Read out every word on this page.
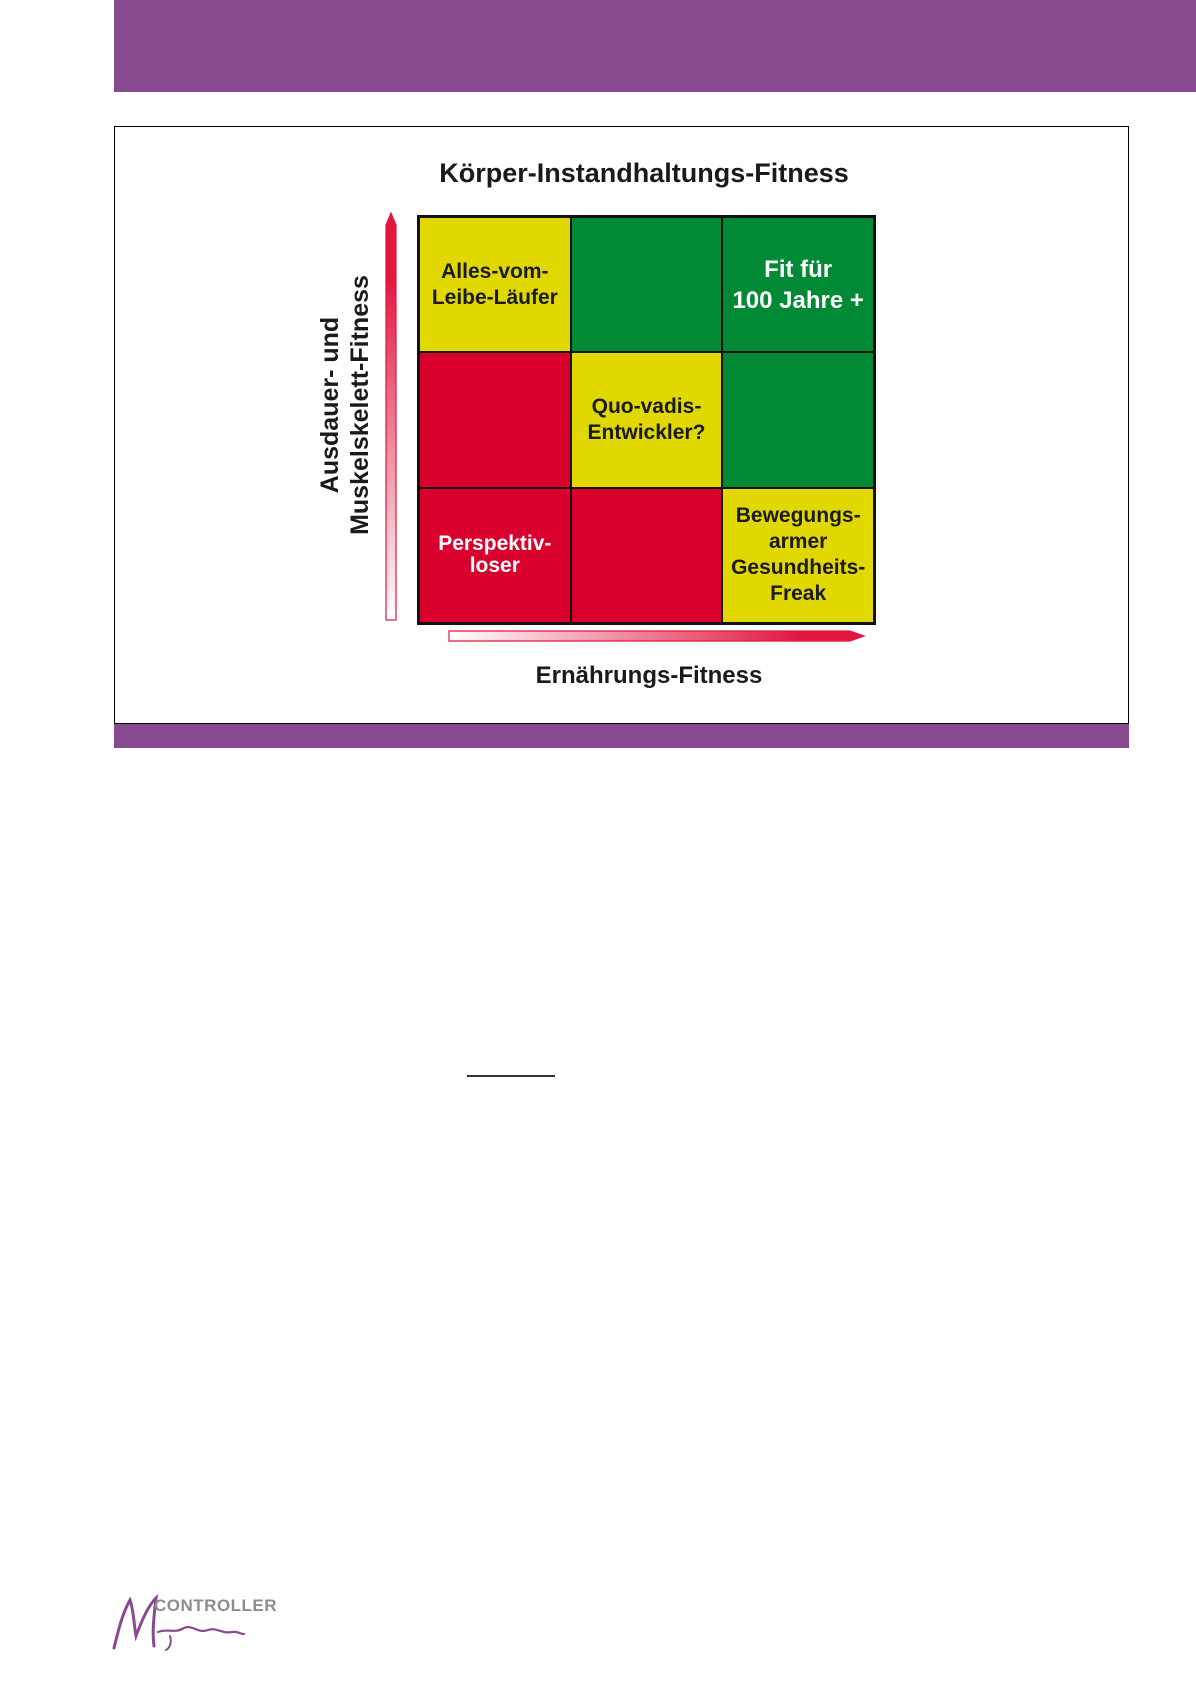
Körper-Instandhaltungs-Fitness
Ausdauer- und
Muskelskelett-Fitness
Alles-vom-
Leibe-Läufer
Fit für
100 Jahre +
Quo-vadis-
Entwickler?
Perspektiv-
loser
Bewegungs-
armer
Gesundheits-
Freak
Ernährungs-Fitness
CONTROLLER
